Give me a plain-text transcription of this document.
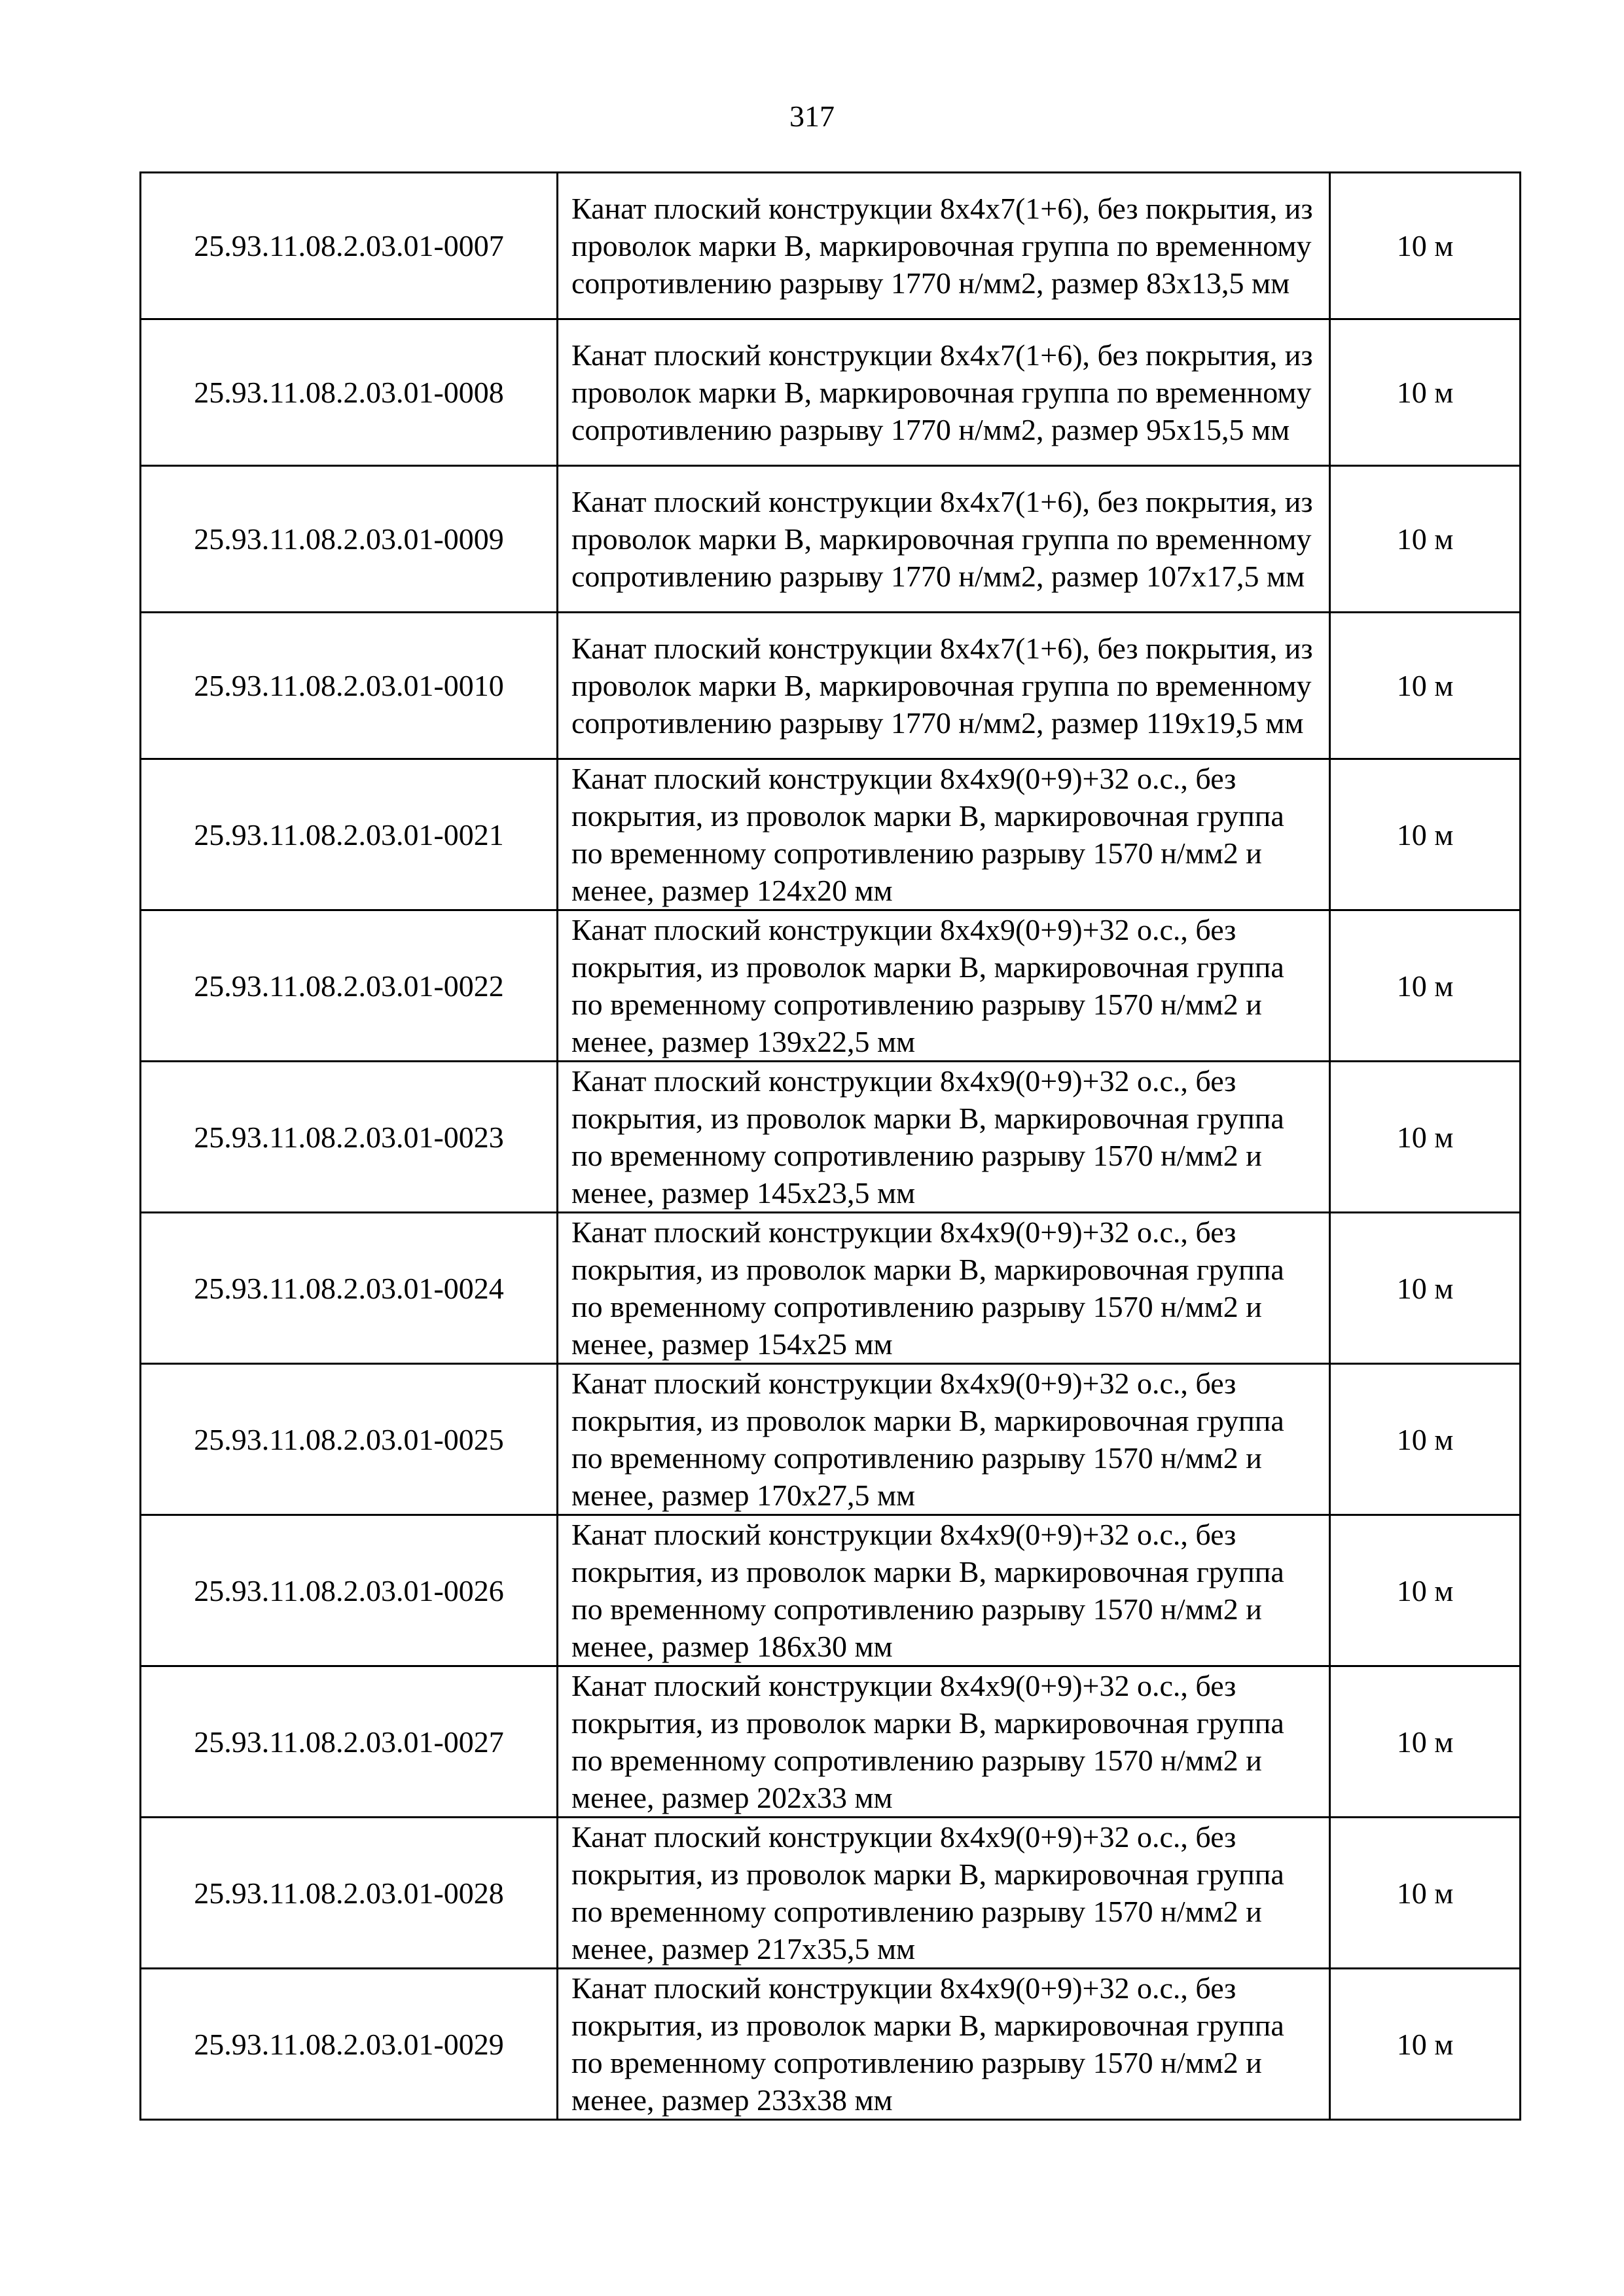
317
25.93.11.08.2.03.01-0007	Канат плоский конструкции 8x4x7(1+6), без покрытия, из проволок марки В, маркировочная группа по временному сопротивлению разрыву 1770 н/мм2, размер 83x13,5 мм	10 м
25.93.11.08.2.03.01-0008	Канат плоский конструкции 8x4x7(1+6), без покрытия, из проволок марки В, маркировочная группа по временному сопротивлению разрыву 1770 н/мм2, размер 95x15,5 мм	10 м
25.93.11.08.2.03.01-0009	Канат плоский конструкции 8x4x7(1+6), без покрытия, из проволок марки В, маркировочная группа по временному сопротивлению разрыву 1770 н/мм2, размер 107x17,5 мм	10 м
25.93.11.08.2.03.01-0010	Канат плоский конструкции 8x4x7(1+6), без покрытия, из проволок марки В, маркировочная группа по временному сопротивлению разрыву 1770 н/мм2, размер 119x19,5 мм	10 м
25.93.11.08.2.03.01-0021	Канат плоский конструкции 8x4x9(0+9)+32 о.с., без покрытия, из проволок марки В, маркировочная группа по временному сопротивлению разрыву 1570 н/мм2 и менее, размер 124x20 мм	10 м
25.93.11.08.2.03.01-0022	Канат плоский конструкции 8x4x9(0+9)+32 о.с., без покрытия, из проволок марки В, маркировочная группа по временному сопротивлению разрыву 1570 н/мм2 и менее, размер 139x22,5 мм	10 м
25.93.11.08.2.03.01-0023	Канат плоский конструкции 8x4x9(0+9)+32 о.с., без покрытия, из проволок марки В, маркировочная группа по временному сопротивлению разрыву 1570 н/мм2 и менее, размер 145x23,5 мм	10 м
25.93.11.08.2.03.01-0024	Канат плоский конструкции 8x4x9(0+9)+32 о.с., без покрытия, из проволок марки В, маркировочная группа по временному сопротивлению разрыву 1570 н/мм2 и менее, размер 154x25 мм	10 м
25.93.11.08.2.03.01-0025	Канат плоский конструкции 8x4x9(0+9)+32 о.с., без покрытия, из проволок марки В, маркировочная группа по временному сопротивлению разрыву 1570 н/мм2 и менее, размер 170x27,5 мм	10 м
25.93.11.08.2.03.01-0026	Канат плоский конструкции 8x4x9(0+9)+32 о.с., без покрытия, из проволок марки В, маркировочная группа по временному сопротивлению разрыву 1570 н/мм2 и менее, размер 186x30 мм	10 м
25.93.11.08.2.03.01-0027	Канат плоский конструкции 8x4x9(0+9)+32 о.с., без покрытия, из проволок марки В, маркировочная группа по временному сопротивлению разрыву 1570 н/мм2 и менее, размер 202x33 мм	10 м
25.93.11.08.2.03.01-0028	Канат плоский конструкции 8x4x9(0+9)+32 о.с., без покрытия, из проволок марки В, маркировочная группа по временному сопротивлению разрыву 1570 н/мм2 и менее, размер 217x35,5 мм	10 м
25.93.11.08.2.03.01-0029	Канат плоский конструкции 8x4x9(0+9)+32 о.с., без покрытия, из проволок марки В, маркировочная группа по временному сопротивлению разрыву 1570 н/мм2 и менее, размер 233x38 мм	10 м
